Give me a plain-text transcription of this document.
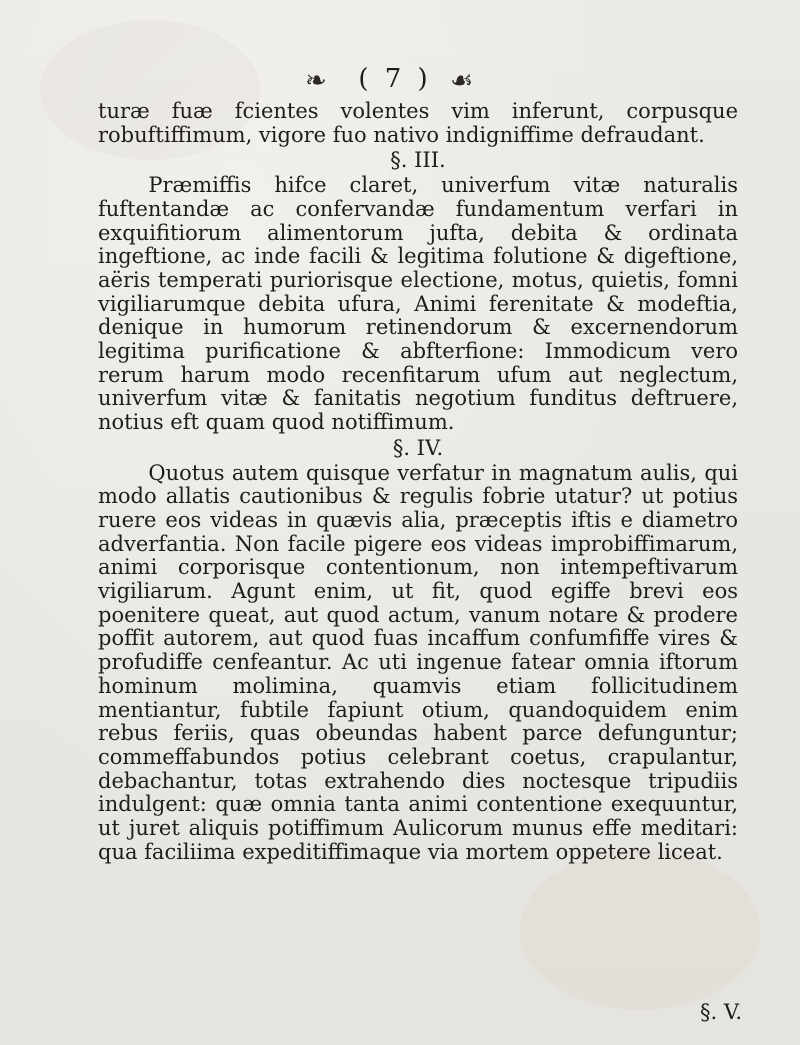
❧	( 7 ) ☙

turæ fuæ fcientes volentes vim inferunt, corpusque robuftiffimum, vigore fuo nativo indigniffime defraudant.

§. III.

Præmiffis hifce claret, univerfum vitæ naturalis fuftentandæ ac confervandæ fundamentum verfari in exquifitiorum alimentorum jufta, debita & ordinata ingeftione, ac inde facili & legitima folutione & digeftione, aëris temperati puriorisque electione, motus, quietis, fomni vigiliarumque debita ufura, Animi ferenitate & modeftia, denique in humorum retinendorum & excernendorum legitima purificatione & abfterfione: Immodicum vero rerum harum modo recenfitarum ufum aut neglectum, univerfum vitæ & fanitatis negotium funditus deftruere, notius eft quam quod notiffimum.

§. IV.

Quotus autem quisque verfatur in magnatum aulis, qui modo allatis cautionibus & regulis fobrie utatur? ut potius ruere eos videas in quævis alia, præceptis iftis e diametro adverfantia. Non facile pigere eos videas improbiffimarum, animi corporisque contentionum, non intempeftivarum vigiliarum. Agunt enim, ut fit, quod egiffe brevi eos poenitere queat, aut quod actum, vanum notare & prodere poffit autorem, aut quod fuas incaffum confumfiffe vires & profudiffe cenfeantur. Ac uti ingenue fatear omnia iftorum hominum molimina, quamvis etiam follicitudinem mentiantur, fubtile fapiunt otium, quandoquidem enim rebus feriis, quas obeundas habent parce defunguntur; commeffabundos potius celebrant coetus, crapulantur, debachantur, totas extrahendo dies noctesque tripudiis indulgent: quæ omnia tanta animi contentione exequuntur, ut juret aliquis potiffimum Aulicorum munus effe meditari: qua faciliima expeditiffimaque via mortem oppetere liceat.

§. V.
